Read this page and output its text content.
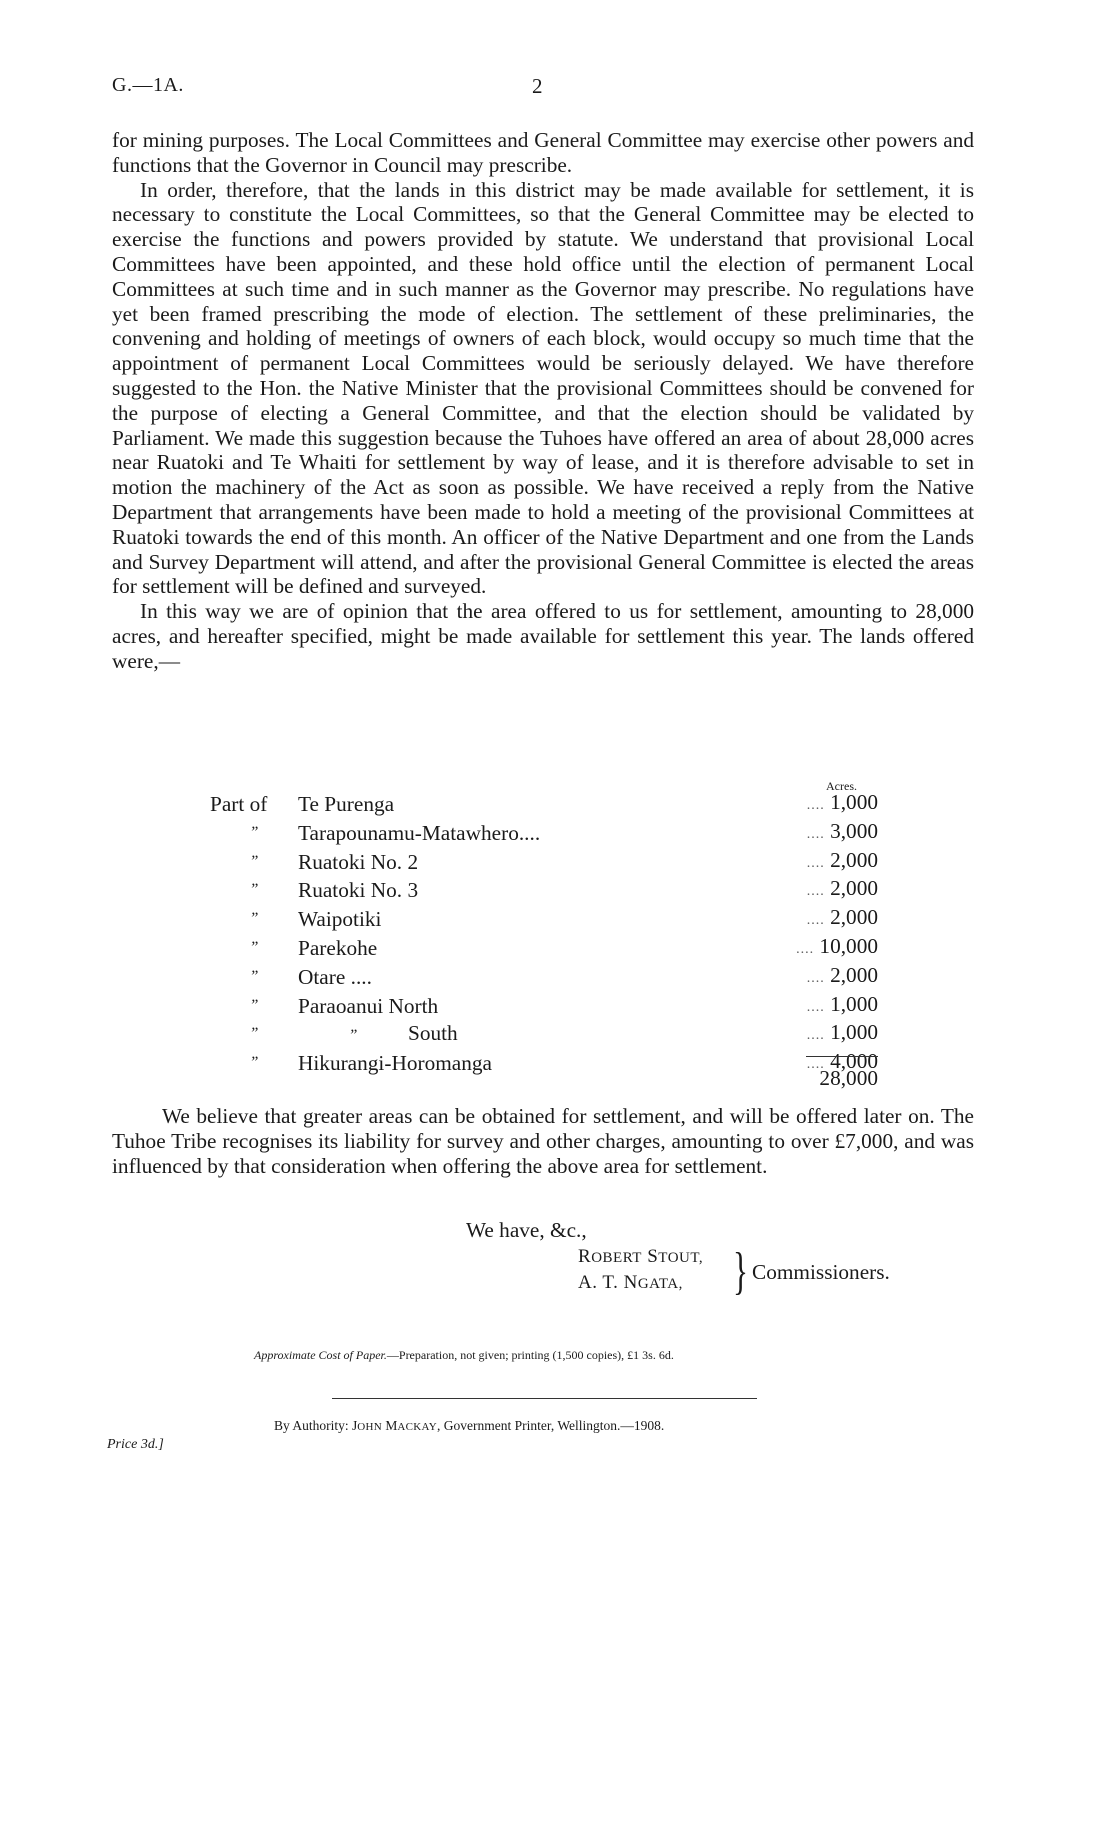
G.—1A.	2

for mining purposes. The Local Committees and General Committee may exercise other powers and functions that the Governor in Council may prescribe.

In order, therefore, that the lands in this district may be made available for settlement, it is necessary to constitute the Local Committees, so that the General Committee may be elected to exercise the functions and powers provided by statute. We understand that provisional Local Committees have been appointed, and these hold office until the election of permanent Local Committees at such time and in such manner as the Governor may prescribe. No regulations have yet been framed prescribing the mode of election. The settlement of these preliminaries, the convening and holding of meetings of owners of each block, would occupy so much time that the appointment of permanent Local Committees would be seriously delayed. We have therefore suggested to the Hon. the Native Minister that the provisional Committees should be convened for the purpose of electing a General Committee, and that the election should be validated by Parliament. We made this suggestion because the Tuhoes have offered an area of about 28,000 acres near Ruatoki and Te Whaiti for settlement by way of lease, and it is therefore advisable to set in motion the machinery of the Act as soon as possible. We have received a reply from the Native Department that arrangements have been made to hold a meeting of the provisional Committees at Ruatoki towards the end of this month. An officer of the Native Department and one from the Lands and Survey Department will attend, and after the provisional General Committee is elected the areas for settlement will be defined and surveyed.

In this way we are of opinion that the area offered to us for settlement, amounting to 28,000 acres, and hereafter specified, might be made available for settlement this year. The lands offered were,—

Acres.
Part of	Te Purenga	.... 1,000
”	Tarapounamu-Matawhero....	.... 3,000
”	Ruatoki No. 2	.... 2,000
”	Ruatoki No. 3	.... 2,000
”	Waipotiki	.... 2,000
”	Parekohe	.... 10,000
”	Otare ....	.... 2,000
”	Paraoanui North	.... 1,000
”	” South	.... 1,000
”	Hikurangi-Horomanga	.... 4,000
28,000

We believe that greater areas can be obtained for settlement, and will be offered later on. The Tuhoe Tribe recognises its liability for survey and other charges, amounting to over £7,000, and was influenced by that consideration when offering the above area for settlement.

We have, &c.,
ROBERT STOUT,
A. T. NGATA, } Commissioners.
Approximate Cost of Paper.—Preparation, not given; printing (1,500 copies), £1 3s. 6d.
By Authority: JOHN MACKAY, Government Printer, Wellington.—1908.
Price 3d.]
